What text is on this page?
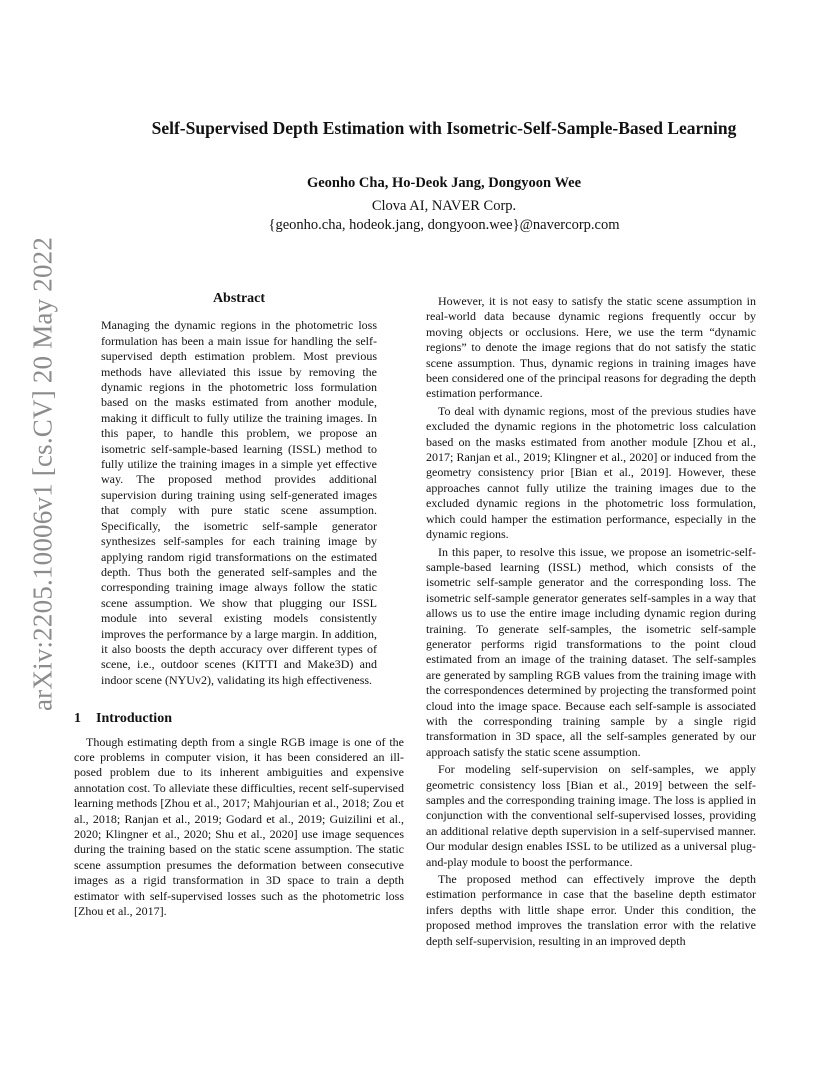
arXiv:2205.10006v1 [cs.CV] 20 May 2022
Self-Supervised Depth Estimation with Isometric-Self-Sample-Based Learning
Geonho Cha, Ho-Deok Jang, Dongyoon Wee
Clova AI, NAVER Corp.
{geonho.cha, hodeok.jang, dongyoon.wee}@navercorp.com
Abstract
Managing the dynamic regions in the photometric loss formulation has been a main issue for handling the self-supervised depth estimation problem. Most previous methods have alleviated this issue by removing the dynamic regions in the photometric loss formulation based on the masks estimated from another module, making it difficult to fully utilize the training images. In this paper, to handle this problem, we propose an isometric self-sample-based learning (ISSL) method to fully utilize the training images in a simple yet effective way. The proposed method provides additional supervision during training using self-generated images that comply with pure static scene assumption. Specifically, the isometric self-sample generator synthesizes self-samples for each training image by applying random rigid transformations on the estimated depth. Thus both the generated self-samples and the corresponding training image always follow the static scene assumption. We show that plugging our ISSL module into several existing models consistently improves the performance by a large margin. In addition, it also boosts the depth accuracy over different types of scene, i.e., outdoor scenes (KITTI and Make3D) and indoor scene (NYUv2), validating its high effectiveness.
1 Introduction

Though estimating depth from a single RGB image is one of the core problems in computer vision, it has been considered an ill-posed problem due to its inherent ambiguities and expensive annotation cost. To alleviate these difficulties, recent self-supervised learning methods [Zhou et al., 2017; Mahjourian et al., 2018; Zou et al., 2018; Ranjan et al., 2019; Godard et al., 2019; Guizilini et al., 2020; Klingner et al., 2020; Shu et al., 2020] use image sequences during the training based on the static scene assumption. The static scene assumption presumes the deformation between consecutive images as a rigid transformation in 3D space to train a depth estimator with self-supervised losses such as the photometric loss [Zhou et al., 2017].

However, it is not easy to satisfy the static scene assumption in real-world data because dynamic regions frequently occur by moving objects or occlusions. Here, we use the term “dynamic regions” to denote the image regions that do not satisfy the static scene assumption. Thus, dynamic regions in training images have been considered one of the principal reasons for degrading the depth estimation performance.

To deal with dynamic regions, most of the previous studies have excluded the dynamic regions in the photometric loss calculation based on the masks estimated from another module [Zhou et al., 2017; Ranjan et al., 2019; Klingner et al., 2020] or induced from the geometry consistency prior [Bian et al., 2019]. However, these approaches cannot fully utilize the training images due to the excluded dynamic regions in the photometric loss formulation, which could hamper the estimation performance, especially in the dynamic regions.

In this paper, to resolve this issue, we propose an isometric-self-sample-based learning (ISSL) method, which consists of the isometric self-sample generator and the corresponding loss. The isometric self-sample generator generates self-samples in a way that allows us to use the entire image including dynamic region during training. To generate self-samples, the isometric self-sample generator performs rigid transformations to the point cloud estimated from an image of the training dataset. The self-samples are generated by sampling RGB values from the training image with the correspondences determined by projecting the transformed point cloud into the image space. Because each self-sample is associated with the corresponding training sample by a single rigid transformation in 3D space, all the self-samples generated by our approach satisfy the static scene assumption.

For modeling self-supervision on self-samples, we apply geometric consistency loss [Bian et al., 2019] between the self-samples and the corresponding training image. The loss is applied in conjunction with the conventional self-supervised losses, providing an additional relative depth supervision in a self-supervised manner. Our modular design enables ISSL to be utilized as a universal plug-and-play module to boost the performance.

The proposed method can effectively improve the depth estimation performance in case that the baseline depth estimator infers depths with little shape error. Under this condition, the proposed method improves the translation error with the relative depth self-supervision, resulting in an improved depth
